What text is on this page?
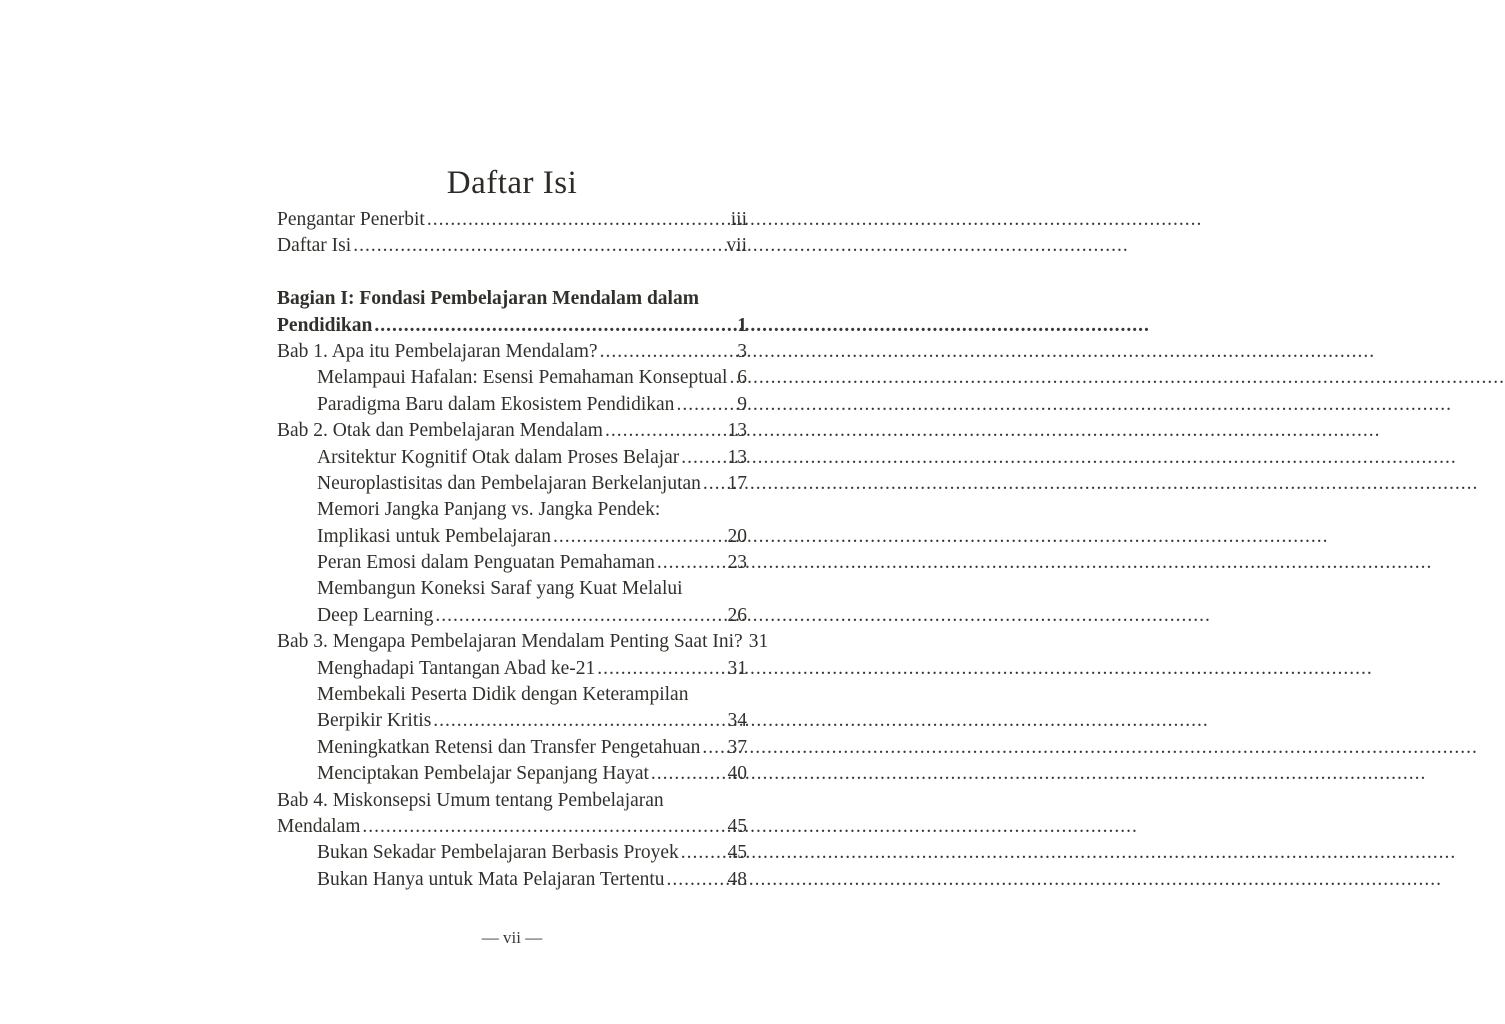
Daftar Isi
Pengantar Penerbit .....	iii
Daftar Isi .....	vii
Bagian I: Fondasi Pembelajaran Mendalam dalam
Pendidikan .....	1
Bab 1. Apa itu Pembelajaran Mendalam? .....	3
Melampaui Hafalan: Esensi Pemahaman Konseptual ..... 6
Paradigma Baru dalam Ekosistem Pendidikan .....	9
Bab 2. Otak dan Pembelajaran Mendalam .....	13
Arsitektur Kognitif Otak dalam Proses Belajar ..... 13
Neuroplastisitas dan Pembelajaran Berkelanjutan ..... 17
Memori Jangka Panjang vs. Jangka Pendek:
Implikasi untuk Pembelajaran .....	20
Peran Emosi dalam Penguatan Pemahaman .....	23
Membangun Koneksi Saraf yang Kuat Melalui
Deep Learning .....	26
Bab 3. Mengapa Pembelajaran Mendalam Penting Saat Ini? 31
Menghadapi Tantangan Abad ke-21 .....	31
Membekali Peserta Didik dengan Keterampilan
Berpikir Kritis .....	34
Meningkatkan Retensi dan Transfer Pengetahuan ..... 37
Menciptakan Pembelajar Sepanjang Hayat .....	40
Bab 4. Miskonsepsi Umum tentang Pembelajaran
Mendalam .....	45
Bukan Sekadar Pembelajaran Berbasis Proyek .....	45
Bukan Hanya untuk Mata Pelajaran Tertentu .....	48
— vii —
